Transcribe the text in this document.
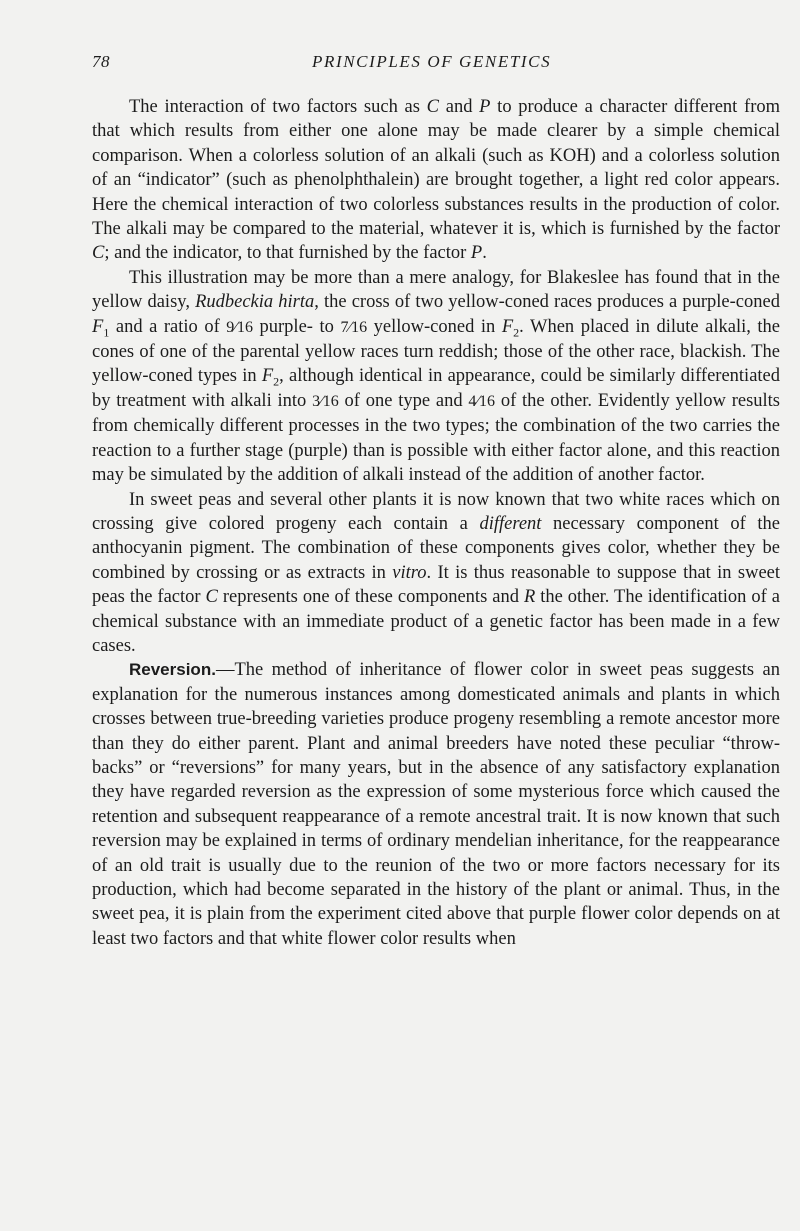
78	PRINCIPLES OF GENETICS

The interaction of two factors such as C and P to produce a character different from that which results from either one alone may be made clearer by a simple chemical comparison. When a colorless solution of an alkali (such as KOH) and a colorless solution of an “indicator” (such as phenolphthalein) are brought together, a light red color appears. Here the chemical interaction of two colorless substances results in the production of color. The alkali may be compared to the material, whatever it is, which is furnished by the factor C; and the indicator, to that furnished by the factor P.

This illustration may be more than a mere analogy, for Blakeslee has found that in the yellow daisy, Rudbeckia hirta, the cross of two yellow-coned races produces a purple-coned $F_1$ and a ratio of 9⁄16 purple- to 7⁄16 yellow-coned in $F_2$. When placed in dilute alkali, the cones of one of the parental yellow races turn reddish; those of the other race, blackish. The yellow-coned types in $F_2$, although identical in appearance, could be similarly differentiated by treatment with alkali into 3⁄16 of one type and 4⁄16 of the other. Evidently yellow results from chemically different processes in the two types; the combination of the two carries the reaction to a further stage (purple) than is possible with either factor alone, and this reaction may be simulated by the addition of alkali instead of the addition of another factor.

In sweet peas and several other plants it is now known that two white races which on crossing give colored progeny each contain a different necessary component of the anthocyanin pigment. The combination of these components gives color, whether they be combined by crossing or as extracts in vitro. It is thus reasonable to suppose that in sweet peas the factor C represents one of these components and R the other. The identification of a chemical substance with an immediate product of a genetic factor has been made in a few cases.

Reversion.—The method of inheritance of flower color in sweet peas suggests an explanation for the numerous instances among domesticated animals and plants in which crosses between true-breeding varieties produce progeny resembling a remote ancestor more than they do either parent. Plant and animal breeders have noted these peculiar “throw-backs” or “reversions” for many years, but in the absence of any satisfactory explanation they have regarded reversion as the expression of some mysterious force which caused the retention and subsequent reappearance of a remote ancestral trait. It is now known that such reversion may be explained in terms of ordinary mendelian inheritance, for the reappearance of an old trait is usually due to the reunion of the two or more factors necessary for its production, which had become separated in the history of the plant or animal. Thus, in the sweet pea, it is plain from the experiment cited above that purple flower color depends on at least two factors and that white flower color results when
